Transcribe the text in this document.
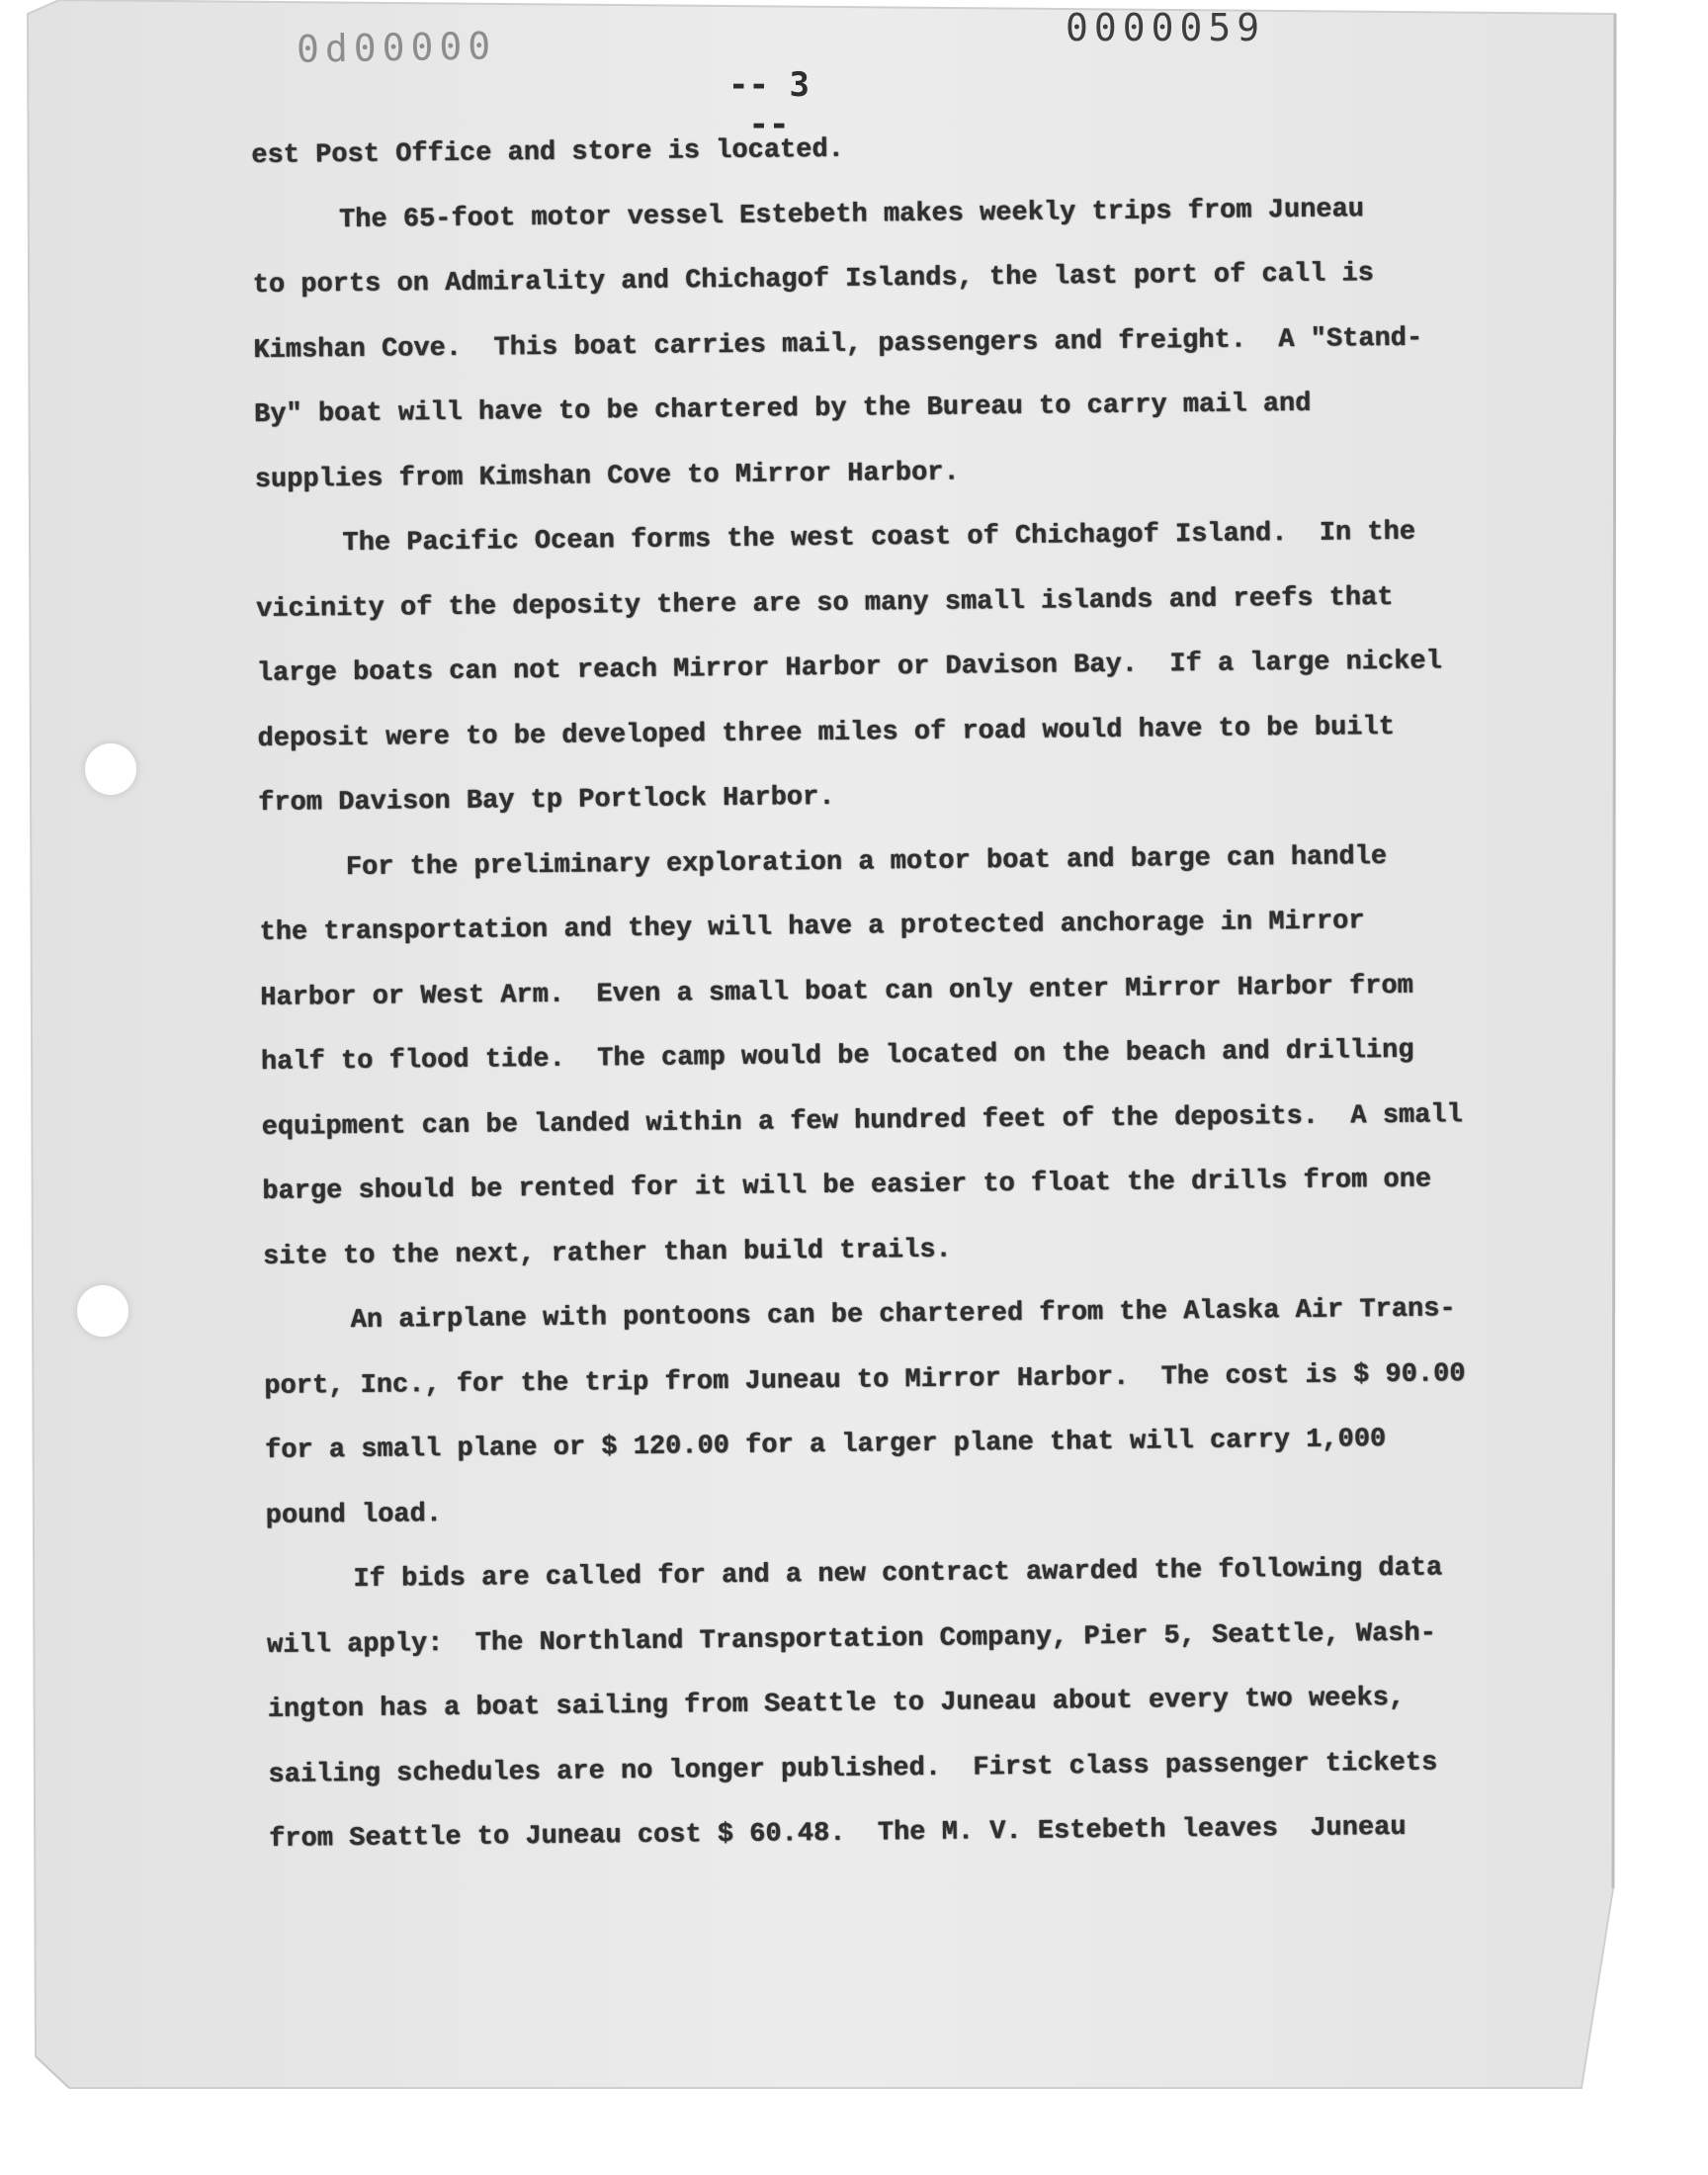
0d00000	0000059
-- 3 --
est Post Office and store is located.
The 65-foot motor vessel Estebeth makes weekly trips from Juneau
to ports on Admirality and Chichagof Islands, the last port of call is
Kimshan Cove.  This boat carries mail, passengers and freight.  A "Stand-
By" boat will have to be chartered by the Bureau to carry mail and
supplies from Kimshan Cove to Mirror Harbor.
The Pacific Ocean forms the west coast of Chichagof Island.  In the
vicinity of the deposity there are so many small islands and reefs that
large boats can not reach Mirror Harbor or Davison Bay.  If a large nickel
deposit were to be developed three miles of road would have to be built
from Davison Bay tp Portlock Harbor.
For the preliminary exploration a motor boat and barge can handle
the transportation and they will have a protected anchorage in Mirror
Harbor or West Arm.  Even a small boat can only enter Mirror Harbor from
half to flood tide.  The camp would be located on the beach and drilling
equipment can be landed within a few hundred feet of the deposits.  A small
barge should be rented for it will be easier to float the drills from one
site to the next, rather than build trails.
An airplane with pontoons can be chartered from the Alaska Air Trans-
port, Inc., for the trip from Juneau to Mirror Harbor.  The cost is $ 90.00
for a small plane or $ 120.00 for a larger plane that will carry 1,000
pound load.
If bids are called for and a new contract awarded the following data
will apply:  The Northland Transportation Company, Pier 5, Seattle, Wash-
ington has a boat sailing from Seattle to Juneau about every two weeks,
sailing schedules are no longer published.  First class passenger tickets
from Seattle to Juneau cost $ 60.48.  The M. V. Estebeth leaves  Juneau
